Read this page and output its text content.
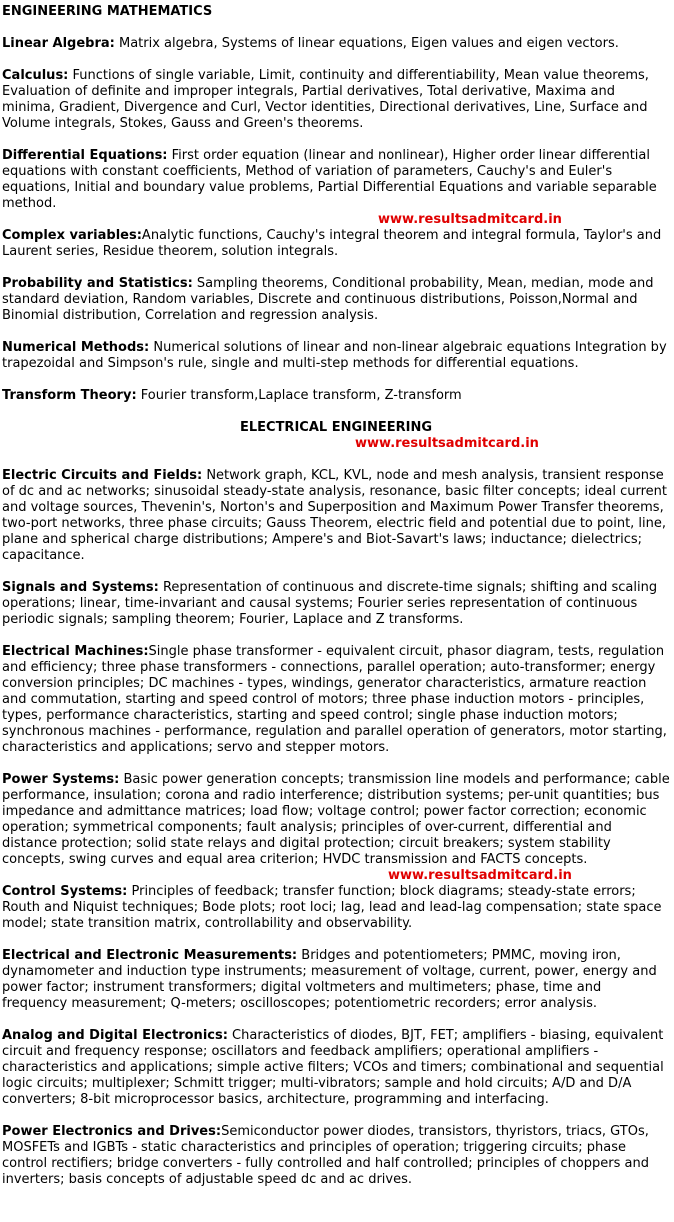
ENGINEERING MATHEMATICS
Linear Algebra: Matrix algebra, Systems of linear equations, Eigen values and eigen vectors.
Calculus: Functions of single variable, Limit, continuity and differentiability, Mean value theorems, Evaluation of definite and improper integrals, Partial derivatives, Total derivative, Maxima and minima, Gradient, Divergence and Curl, Vector identities, Directional derivatives, Line, Surface and Volume integrals, Stokes, Gauss and Green's theorems.
Differential Equations: First order equation (linear and nonlinear), Higher order linear differential equations with constant coefficients, Method of variation of parameters, Cauchy's and Euler's equations, Initial and boundary value problems, Partial Differential Equations and variable separable method.
www.resultsadmitcard.in
Complex variables:Analytic functions, Cauchy's integral theorem and integral formula, Taylor's and Laurent series, Residue theorem, solution integrals.
Probability and Statistics: Sampling theorems, Conditional probability, Mean, median, mode and standard deviation, Random variables, Discrete and continuous distributions, Poisson,Normal and Binomial distribution, Correlation and regression analysis.
Numerical Methods: Numerical solutions of linear and non-linear algebraic equations Integration by trapezoidal and Simpson's rule, single and multi-step methods for differential equations.
Transform Theory: Fourier transform,Laplace transform, Z-transform
ELECTRICAL ENGINEERING
www.resultsadmitcard.in
Electric Circuits and Fields: Network graph, KCL, KVL, node and mesh analysis, transient response of dc and ac networks; sinusoidal steady-state analysis, resonance, basic filter concepts; ideal current and voltage sources, Thevenin's, Norton's and Superposition and Maximum Power Transfer theorems, two-port networks, three phase circuits; Gauss Theorem, electric field and potential due to point, line, plane and spherical charge distributions; Ampere's and Biot-Savart's laws; inductance; dielectrics; capacitance.
Signals and Systems: Representation of continuous and discrete-time signals; shifting and scaling operations; linear, time-invariant and causal systems; Fourier series representation of continuous periodic signals; sampling theorem; Fourier, Laplace and Z transforms.
Electrical Machines:Single phase transformer - equivalent circuit, phasor diagram, tests, regulation and efficiency; three phase transformers - connections, parallel operation; auto-transformer; energy conversion principles; DC machines - types, windings, generator characteristics, armature reaction and commutation, starting and speed control of motors; three phase induction motors - principles, types, performance characteristics, starting and speed control; single phase induction motors; synchronous machines - performance, regulation and parallel operation of generators, motor starting, characteristics and applications; servo and stepper motors.
Power Systems: Basic power generation concepts; transmission line models and performance; cable performance, insulation; corona and radio interference; distribution systems; per-unit quantities; bus impedance and admittance matrices; load flow; voltage control; power factor correction; economic operation; symmetrical components; fault analysis; principles of over-current, differential and distance protection; solid state relays and digital protection; circuit breakers; system stability concepts, swing curves and equal area criterion; HVDC transmission and FACTS concepts.
www.resultsadmitcard.in
Control Systems: Principles of feedback; transfer function; block diagrams; steady-state errors; Routh and Niquist techniques; Bode plots; root loci; lag, lead and lead-lag compensation; state space model; state transition matrix, controllability and observability.
Electrical and Electronic Measurements: Bridges and potentiometers; PMMC, moving iron, dynamometer and induction type instruments; measurement of voltage, current, power, energy and power factor; instrument transformers; digital voltmeters and multimeters; phase, time and frequency measurement; Q-meters; oscilloscopes; potentiometric recorders; error analysis.
Analog and Digital Electronics: Characteristics of diodes, BJT, FET; amplifiers - biasing, equivalent circuit and frequency response; oscillators and feedback amplifiers; operational amplifiers - characteristics and applications; simple active filters; VCOs and timers; combinational and sequential logic circuits; multiplexer; Schmitt trigger; multi-vibrators; sample and hold circuits; A/D and D/A converters; 8-bit microprocessor basics, architecture, programming and interfacing.
Power Electronics and Drives:Semiconductor power diodes, transistors, thyristors, triacs, GTOs, MOSFETs and IGBTs - static characteristics and principles of operation; triggering circuits; phase control rectifiers; bridge converters - fully controlled and half controlled; principles of choppers and inverters; basis concepts of adjustable speed dc and ac drives.
